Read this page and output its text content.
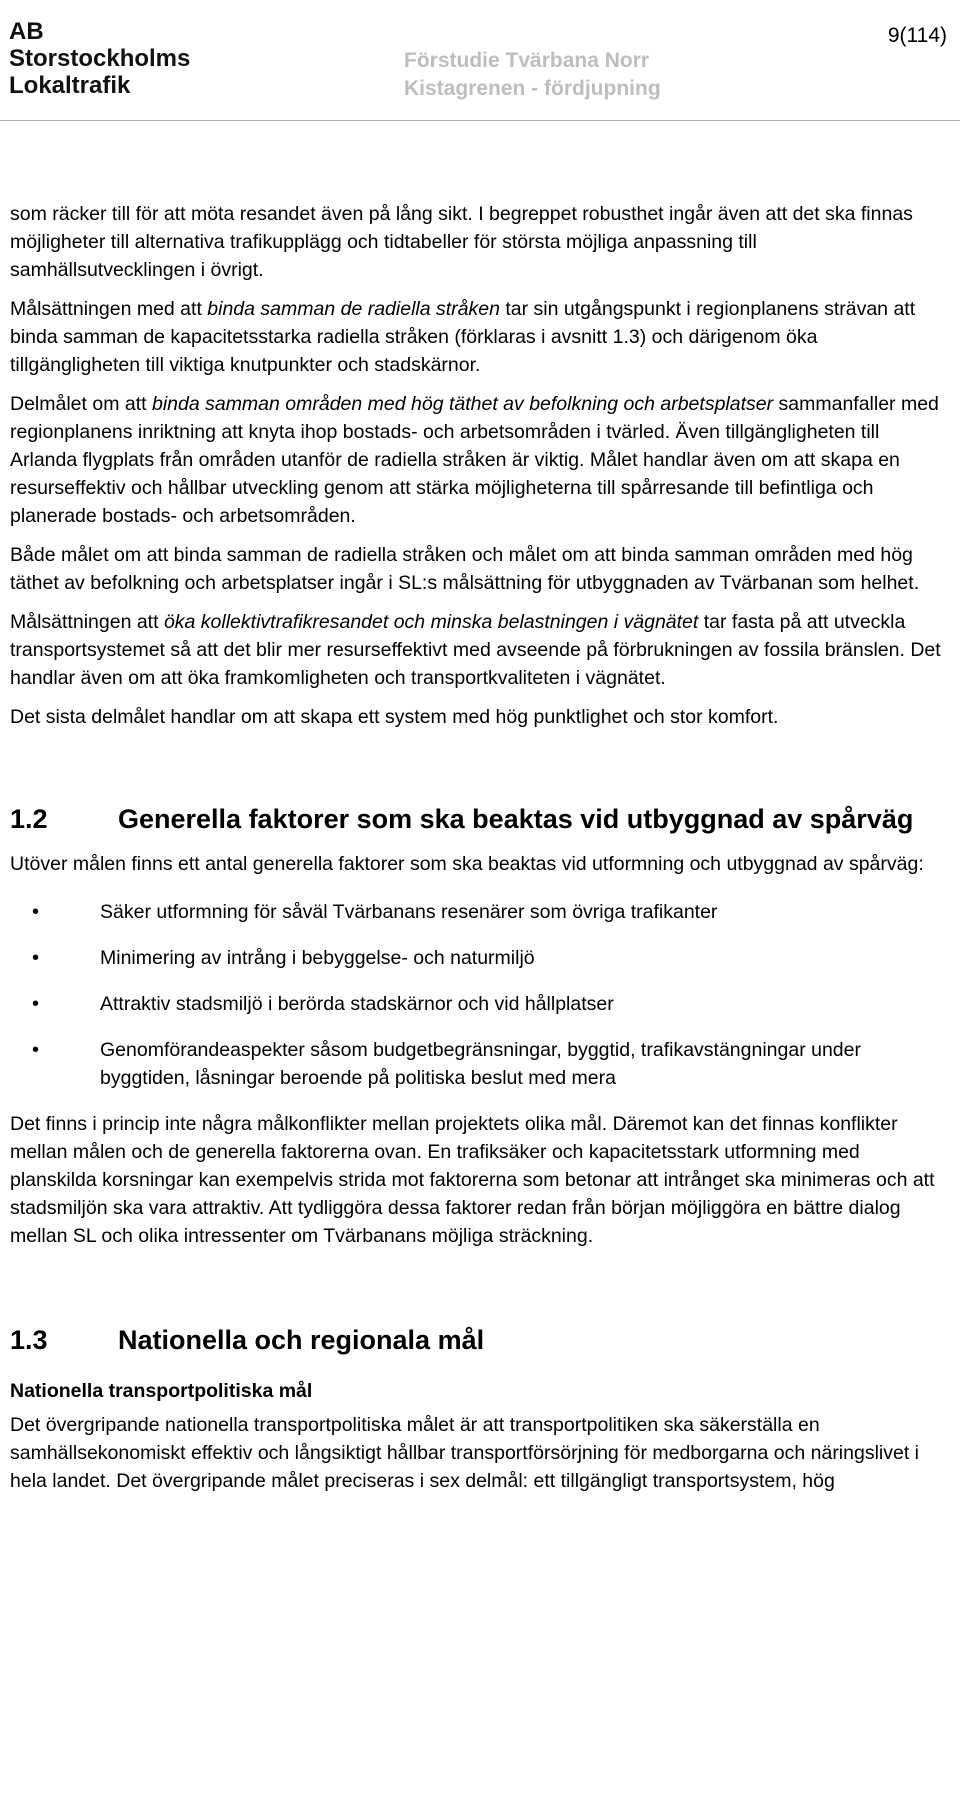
AB
Storstockholms
Lokaltrafik
Förstudie Tvärbana Norr
Kistagrenen - fördjupning
9(114)

som räcker till för att möta resandet även på lång sikt. I begreppet robusthet ingår även att det ska finnas möjligheter till alternativa trafikupplägg och tidtabeller för största möjliga anpassning till samhällsutvecklingen i övrigt.

Målsättningen med att binda samman de radiella stråken tar sin utgångspunkt i regionplanens strävan att binda samman de kapacitetsstarka radiella stråken (förklaras i avsnitt 1.3) och därigenom öka tillgängligheten till viktiga knutpunkter och stadskärnor.

Delmålet om att binda samman områden med hög täthet av befolkning och arbetsplatser sammanfaller med regionplanens inriktning att knyta ihop bostads- och arbetsområden i tvärled. Även tillgängligheten till Arlanda flygplats från områden utanför de radiella stråken är viktig. Målet handlar även om att skapa en resurseffektiv och hållbar utveckling genom att stärka möjligheterna till spårresande till befintliga och planerade bostads- och arbetsområden.

Både målet om att binda samman de radiella stråken och målet om att binda samman områden med hög täthet av befolkning och arbetsplatser ingår i SL:s målsättning för utbyggnaden av Tvärbanan som helhet.

Målsättningen att öka kollektivtrafikresandet och minska belastningen i vägnätet tar fasta på att utveckla transportsystemet så att det blir mer resurseffektivt med avseende på förbrukningen av fossila bränslen. Det handlar även om att öka framkomligheten och transportkvaliteten i vägnätet.

Det sista delmålet handlar om att skapa ett system med hög punktlighet och stor komfort.

1.2	Generella faktorer som ska beaktas vid utbyggnad av spårväg

Utöver målen finns ett antal generella faktorer som ska beaktas vid utformning och utbyggnad av spårväg:

• Säker utformning för såväl Tvärbanans resenärer som övriga trafikanter
• Minimering av intrång i bebyggelse- och naturmiljö
• Attraktiv stadsmiljö i berörda stadskärnor och vid hållplatser
• Genomförandeaspekter såsom budgetbegränsningar, byggtid, trafikavstängningar under byggtiden, låsningar beroende på politiska beslut med mera

Det finns i princip inte några målkonflikter mellan projektets olika mål. Däremot kan det finnas konflikter mellan målen och de generella faktorerna ovan. En trafiksäker och kapacitetsstark utformning med planskilda korsningar kan exempelvis strida mot faktorerna som betonar att intrånget ska minimeras och att stadsmiljön ska vara attraktiv. Att tydliggöra dessa faktorer redan från början möjliggöra en bättre dialog mellan SL och olika intressenter om Tvärbanans möjliga sträckning.

1.3	Nationella och regionala mål
Nationella transportpolitiska mål

Det övergripande nationella transportpolitiska målet är att transportpolitiken ska säkerställa en samhällsekonomiskt effektiv och långsiktigt hållbar transportförsörjning för medborgarna och näringslivet i hela landet. Det övergripande målet preciseras i sex delmål: ett tillgängligt transportsystem, hög
